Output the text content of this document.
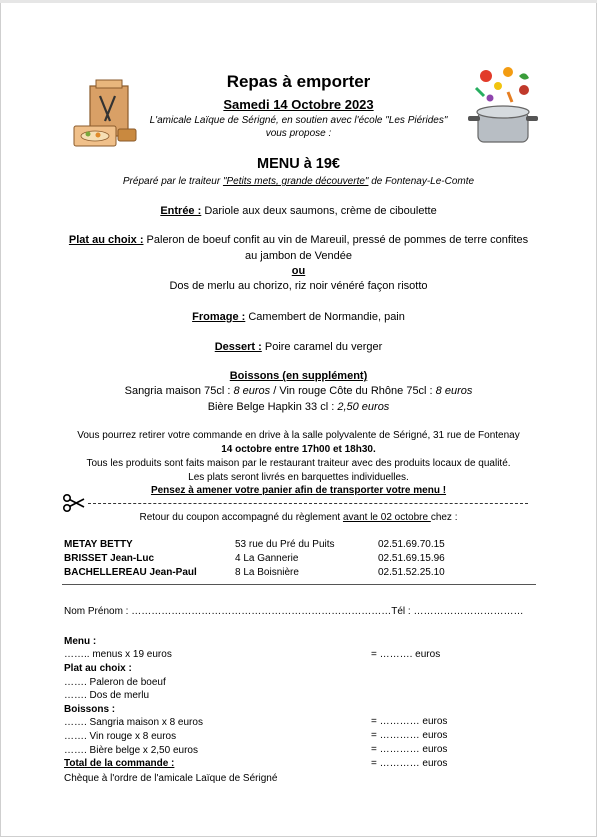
Repas à emporter
Samedi 14 Octobre 2023
L'amicale Laïque de Sérigné, en soutien avec l'école "Les Piérides"
vous propose :
MENU à 19€
Préparé par le traiteur "Petits mets, grande découverte" de Fontenay-Le-Comte
Entrée : Dariole aux deux saumons, crème de ciboulette
Plat au choix : Paleron de boeuf confit au vin de Mareuil, pressé de pommes de terre confites
au jambon de Vendée
ou
Dos de merlu au chorizo, riz noir vénéré façon risotto
Fromage : Camembert de Normandie, pain
Dessert : Poire caramel du verger
Boissons (en supplément)
Sangria maison 75cl : 8 euros / Vin rouge Côte du Rhône 75cl : 8 euros
Bière Belge Hapkin 33 cl : 2,50 euros
Vous pourrez retirer votre commande en drive à la salle polyvalente de Sérigné, 31 rue de Fontenay
14 octobre entre 17h00 et 18h30.
Tous les produits sont faits maison par le restaurant traiteur avec des produits locaux de qualité.
Les plats seront livrés en barquettes individuelles.
Pensez à amener votre panier afin de transporter votre menu !
Retour du coupon accompagné du règlement avant le 02 octobre chez :
METAY BETTY	53 rue du Pré du Puits	02.51.69.70.15
BRISSET Jean-Luc	4 La Gannerie	02.51.69.15.96
BACHELLEREAU Jean-Paul	8 La Boisnière	02.51.52.25.10
Nom Prénom : ……………………………………………………………………Tél : ……………………………
Menu :
…….. menus x 19 euros	= ………. euros
Plat au choix :
……. Paleron de boeuf
……. Dos de merlu
Boissons :
……. Sangria maison x 8 euros	= ………… euros
……. Vin rouge x 8 euros	= ………… euros
……. Bière belge x 2,50 euros	= ………… euros
Total de la commande :	= ………… euros
Chèque à l'ordre de l'amicale Laïque de Sérigné
